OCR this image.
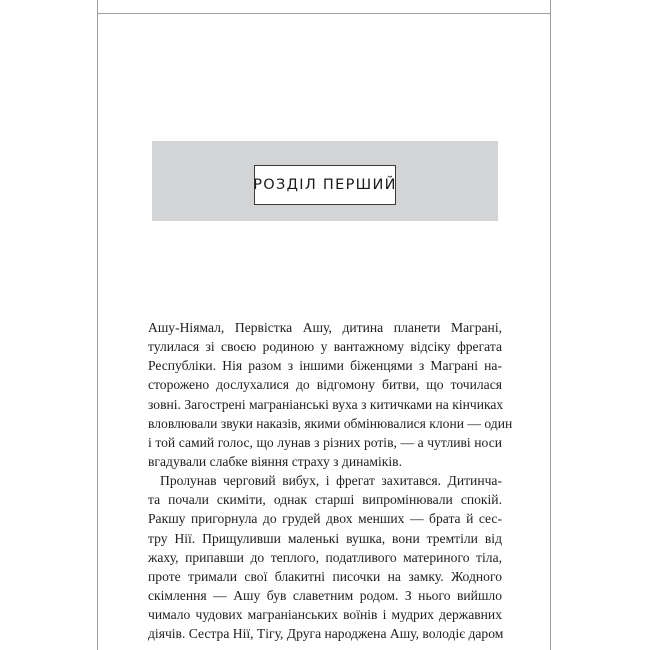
РОЗДІЛ ПЕРШИЙ
Ашу-Ніямал, Первістка Ашу, дитина планети Маграні,
тулилася зі своєю родиною у вантажному відсіку фрегата
Республіки. Нія разом з іншими біженцями з Маграні на-
сторожено дослухалися до відгомону битви, що точилася
зовні. Загострені маграніанські вуха з китичками на кінчиках
вловлювали звуки наказів, якими обмінювалися клони — один
і той самий голос, що лунав з різних ротів, — а чутливі носи
вгадували слабке віяння страху з динаміків.
Пролунав черговий вибух, і фрегат захитався. Дитинча-
та почали скиміти, однак старші випромінювали спокій.
Ракшу пригорнула до грудей двох менших — брата й сес-
тру Нії. Прищуливши маленькі вушка, вони тремтіли від
жаху, припавши до теплого, податливого материного тіла,
проте тримали свої блакитні писочки на замку. Жодного
скімлення — Ашу був славетним родом. З нього вийшло
чимало чудових маграніанських воїнів і мудрих державних
діячів. Сестра Нії, Тігу, Друга народжена Ашу, володіє даром
